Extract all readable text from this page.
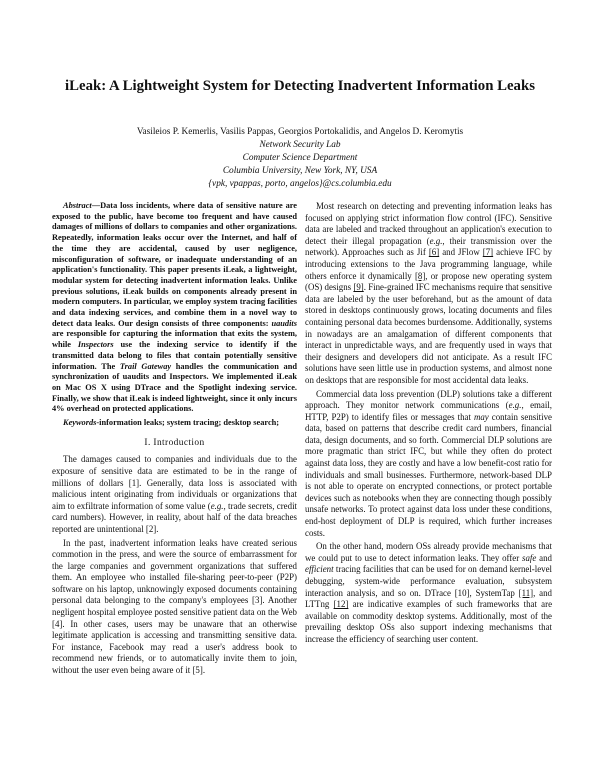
iLeak: A Lightweight System for Detecting Inadvertent Information Leaks
Vasileios P. Kemerlis, Vasilis Pappas, Georgios Portokalidis, and Angelos D. Keromytis
Network Security Lab
Computer Science Department
Columbia University, New York, NY, USA
{vpk, vpappas, porto, angelos}@cs.columbia.edu

Abstract—Data loss incidents, where data of sensitive nature are exposed to the public, have become too frequent and have caused damages of millions of dollars to companies and other organizations. Repeatedly, information leaks occur over the Internet, and half of the time they are accidental, caused by user negligence, misconfiguration of software, or inadequate understanding of an application's functionality. This paper presents iLeak, a lightweight, modular system for detecting inadvertent information leaks. Unlike previous solutions, iLeak builds on components already present in modern computers. In particular, we employ system tracing facilities and data indexing services, and combine them in a novel way to detect data leaks. Our design consists of three components: uaudits are responsible for capturing the information that exits the system, while Inspectors use the indexing service to identify if the transmitted data belong to files that contain potentially sensitive information. The Trail Gateway handles the communication and synchronization of uaudits and Inspectors. We implemented iLeak on Mac OS X using DTrace and the Spotlight indexing service. Finally, we show that iLeak is indeed lightweight, since it only incurs 4% overhead on protected applications.

Keywords-information leaks; system tracing; desktop search;

I. Introduction

The damages caused to companies and individuals due to the exposure of sensitive data are estimated to be in the range of millions of dollars [1]. Generally, data loss is associated with malicious intent originating from individuals or organizations that aim to exfiltrate information of some value (e.g., trade secrets, credit card numbers). However, in reality, about half of the data breaches reported are unintentional [2].

In the past, inadvertent information leaks have created serious commotion in the press, and were the source of embarrassment for the large companies and government organizations that suffered them. An employee who installed file-sharing peer-to-peer (P2P) software on his laptop, unknowingly exposed documents containing personal data belonging to the company's employees [3]. Another negligent hospital employee posted sensitive patient data on the Web [4]. In other cases, users may be unaware that an otherwise legitimate application is accessing and transmitting sensitive data. For instance, Facebook may read a user's address book to recommend new friends, or to automatically invite them to join, without the user even being aware of it [5].

Most research on detecting and preventing information leaks has focused on applying strict information flow control (IFC). Sensitive data are labeled and tracked throughout an application's execution to detect their illegal propagation (e.g., their transmission over the network). Approaches such as Jif [6] and JFlow [7] achieve IFC by introducing extensions to the Java programming language, while others enforce it dynamically [8], or propose new operating system (OS) designs [9]. Fine-grained IFC mechanisms require that sensitive data are labeled by the user beforehand, but as the amount of data stored in desktops continuously grows, locating documents and files containing personal data becomes burdensome. Additionally, systems in nowadays are an amalgamation of different components that interact in unpredictable ways, and are frequently used in ways that their designers and developers did not anticipate. As a result IFC solutions have seen little use in production systems, and almost none on desktops that are responsible for most accidental data leaks.

Commercial data loss prevention (DLP) solutions take a different approach. They monitor network communications (e.g., email, HTTP, P2P) to identify files or messages that may contain sensitive data, based on patterns that describe credit card numbers, financial data, design documents, and so forth. Commercial DLP solutions are more pragmatic than strict IFC, but while they often do protect against data loss, they are costly and have a low benefit-cost ratio for individuals and small businesses. Furthermore, network-based DLP is not able to operate on encrypted connections, or protect portable devices such as notebooks when they are connecting though possibly unsafe networks. To protect against data loss under these conditions, end-host deployment of DLP is required, which further increases costs.

On the other hand, modern OSs already provide mechanisms that we could put to use to detect information leaks. They offer safe and efficient tracing facilities that can be used for on demand kernel-level debugging, system-wide performance evaluation, subsystem interaction analysis, and so on. DTrace [10], SystemTap [11], and LTTng [12] are indicative examples of such frameworks that are available on commodity desktop systems. Additionally, most of the prevailing desktop OSs also support indexing mechanisms that increase the efficiency of searching user content.
